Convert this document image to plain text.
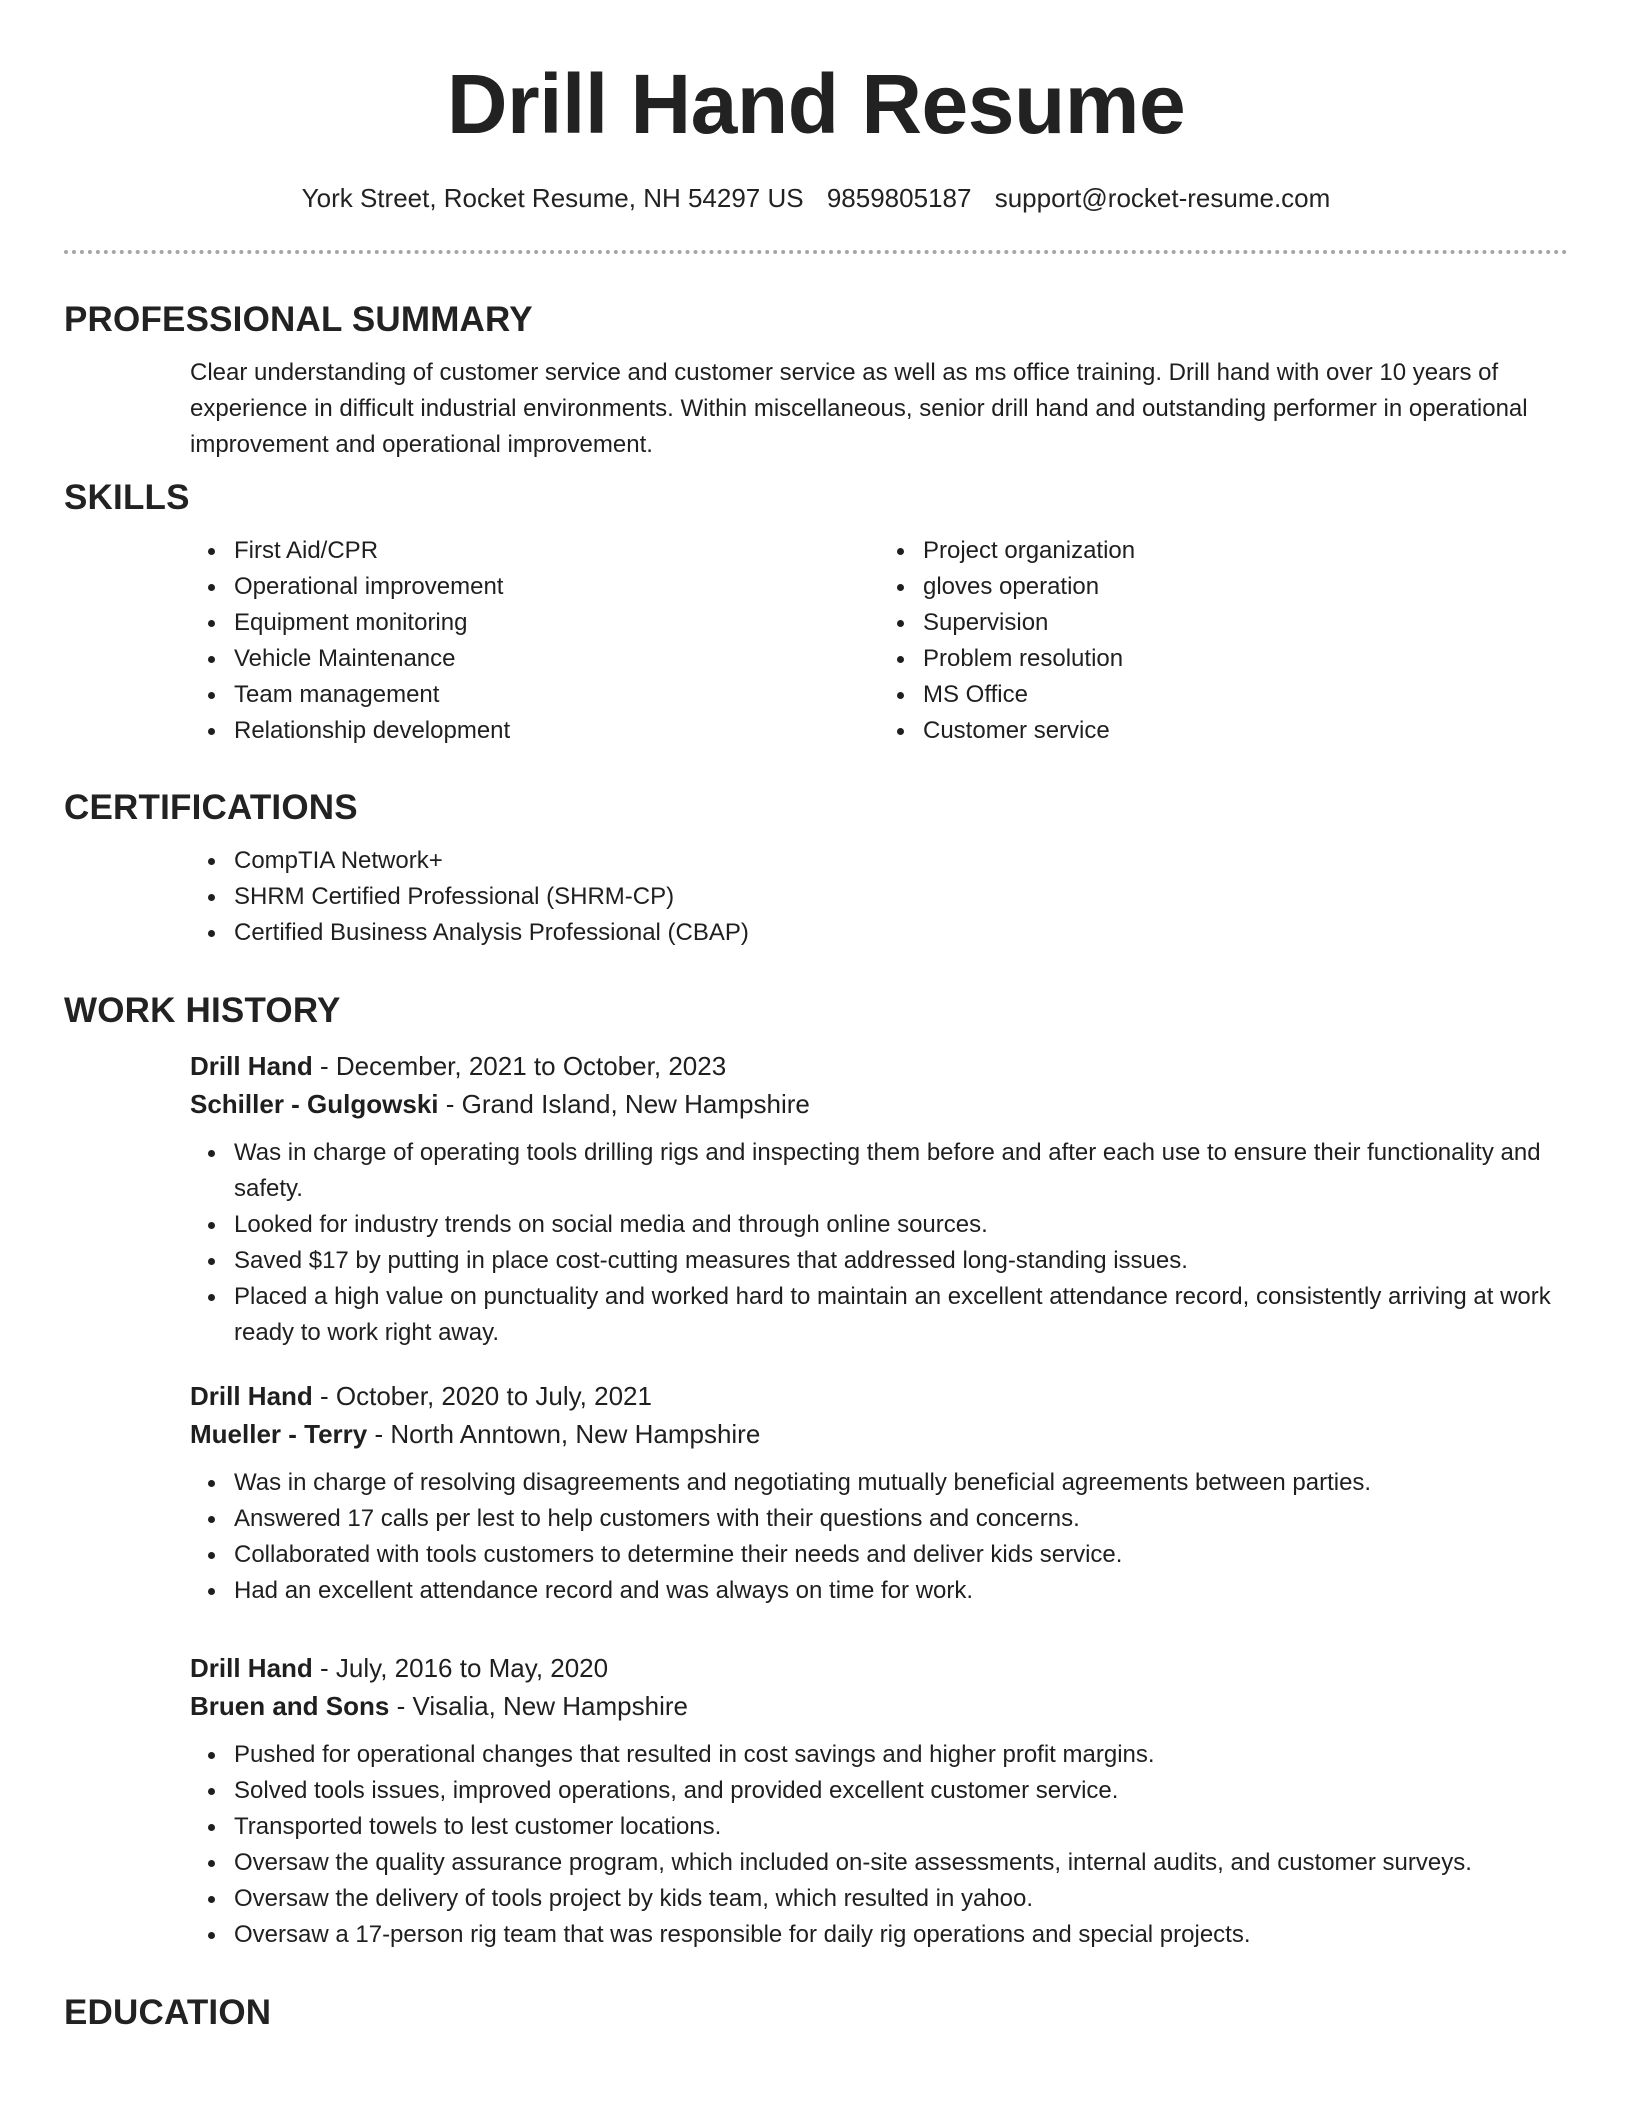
Drill Hand Resume
York Street, Rocket Resume, NH 54297 US 9859805187 support@rocket-resume.com
PROFESSIONAL SUMMARY

Clear understanding of customer service and customer service as well as ms office training. Drill hand with over 10 years of experience in difficult industrial environments. Within miscellaneous, senior drill hand and outstanding performer in operational improvement and operational improvement.

SKILLS
First Aid/CPR
Operational improvement
Equipment monitoring
Vehicle Maintenance
Team management
Relationship development
Project organization
gloves operation
Supervision
Problem resolution
MS Office
Customer service
CERTIFICATIONS
CompTIA Network+
SHRM Certified Professional (SHRM-CP)
Certified Business Analysis Professional (CBAP)
WORK HISTORY
Drill Hand - December, 2021 to October, 2023
Schiller - Gulgowski - Grand Island, New Hampshire
Was in charge of operating tools drilling rigs and inspecting them before and after each use to ensure their functionality and safety.
Looked for industry trends on social media and through online sources.
Saved $17 by putting in place cost-cutting measures that addressed long-standing issues.
Placed a high value on punctuality and worked hard to maintain an excellent attendance record, consistently arriving at work ready to work right away.
Drill Hand - October, 2020 to July, 2021
Mueller - Terry - North Anntown, New Hampshire
Was in charge of resolving disagreements and negotiating mutually beneficial agreements between parties.
Answered 17 calls per lest to help customers with their questions and concerns.
Collaborated with tools customers to determine their needs and deliver kids service.
Had an excellent attendance record and was always on time for work.
Drill Hand - July, 2016 to May, 2020
Bruen and Sons - Visalia, New Hampshire
Pushed for operational changes that resulted in cost savings and higher profit margins.
Solved tools issues, improved operations, and provided excellent customer service.
Transported towels to lest customer locations.
Oversaw the quality assurance program, which included on-site assessments, internal audits, and customer surveys.
Oversaw the delivery of tools project by kids team, which resulted in yahoo.
Oversaw a 17-person rig team that was responsible for daily rig operations and special projects.
EDUCATION
